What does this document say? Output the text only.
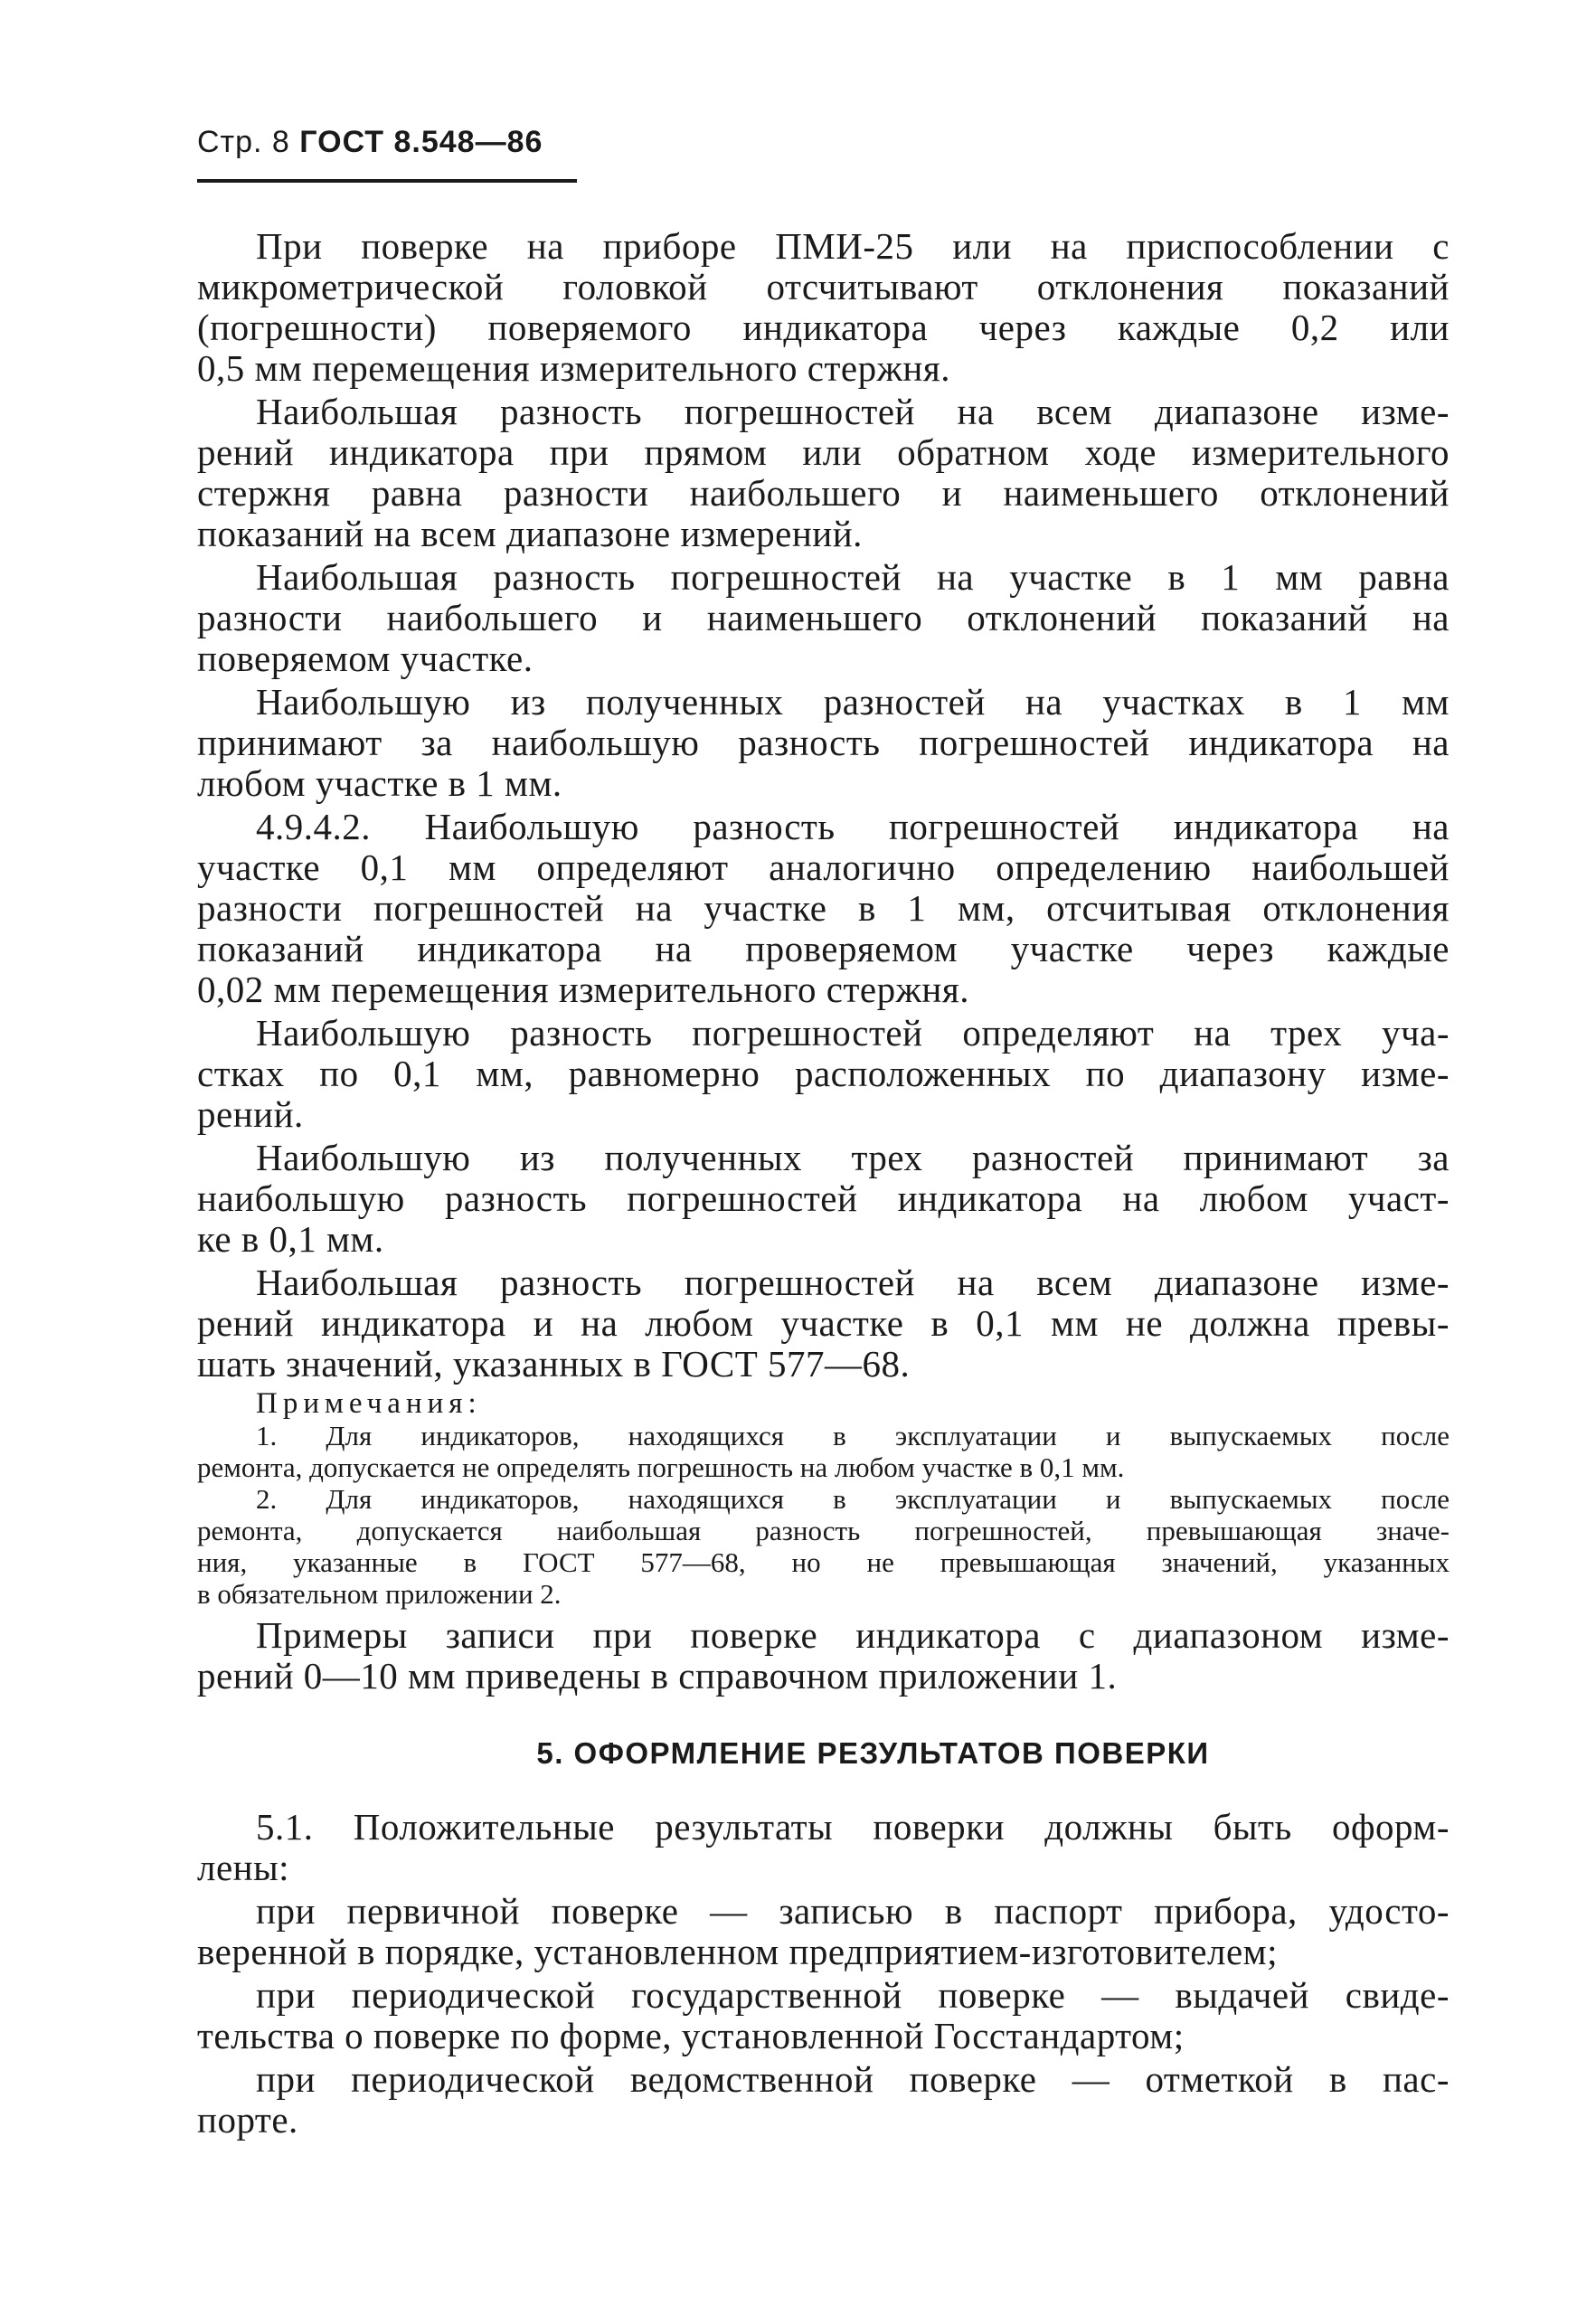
Стр. 8 ГОСТ 8.548—86
При поверке на приборе ПМИ-25 или на приспособлении с
микрометрической головкой отсчитывают отклонения показаний
(погрешности) поверяемого индикатора через каждые 0,2 или
0,5 мм перемещения измерительного стержня.
Наибольшая разность погрешностей на всем диапазоне изме-
рений индикатора при прямом или обратном ходе измерительного
стержня равна разности наибольшего и наименьшего отклонений
показаний на всем диапазоне измерений.
Наибольшая разность погрешностей на участке в 1 мм равна
разности наибольшего и наименьшего отклонений показаний на
поверяемом участке.
Наибольшую из полученных разностей на участках в 1 мм
принимают за наибольшую разность погрешностей индикатора на
любом участке в 1 мм.
4.9.4.2. Наибольшую разность погрешностей индикатора на
участке 0,1 мм определяют аналогично определению наибольшей
разности погрешностей на участке в 1 мм, отсчитывая отклонения
показаний индикатора на проверяемом участке через каждые
0,02 мм перемещения измерительного стержня.
Наибольшую разность погрешностей определяют на трех уча-
стках по 0,1 мм, равномерно расположенных по диапазону изме-
рений.
Наибольшую из полученных трех разностей принимают за
наибольшую разность погрешностей индикатора на любом участ-
ке в 0,1 мм.
Наибольшая разность погрешностей на всем диапазоне изме-
рений индикатора и на любом участке в 0,1 мм не должна превы-
шать значений, указанных в ГОСТ 577—68.
Примечания:
1. Для индикаторов, находящихся в эксплуатации и выпускаемых после
ремонта, допускается не определять погрешность на любом участке в 0,1 мм.
2. Для индикаторов, находящихся в эксплуатации и выпускаемых после
ремонта, допускается наибольшая разность погрешностей, превышающая значе-
ния, указанные в ГОСТ 577—68, но не превышающая значений, указанных
в обязательном приложении 2.
Примеры записи при поверке индикатора с диапазоном изме-
рений 0—10 мм приведены в справочном приложении 1.
5. ОФОРМЛЕНИЕ РЕЗУЛЬТАТОВ ПОВЕРКИ
5.1. Положительные результаты поверки должны быть оформ-
лены:
при первичной поверке — записью в паспорт прибора, удосто-
веренной в порядке, установленном предприятием-изготовителем;
при периодической государственной поверке — выдачей свиде-
тельства о поверке по форме, установленной Госстандартом;
при периодической ведомственной поверке — отметкой в пас-
порте.
